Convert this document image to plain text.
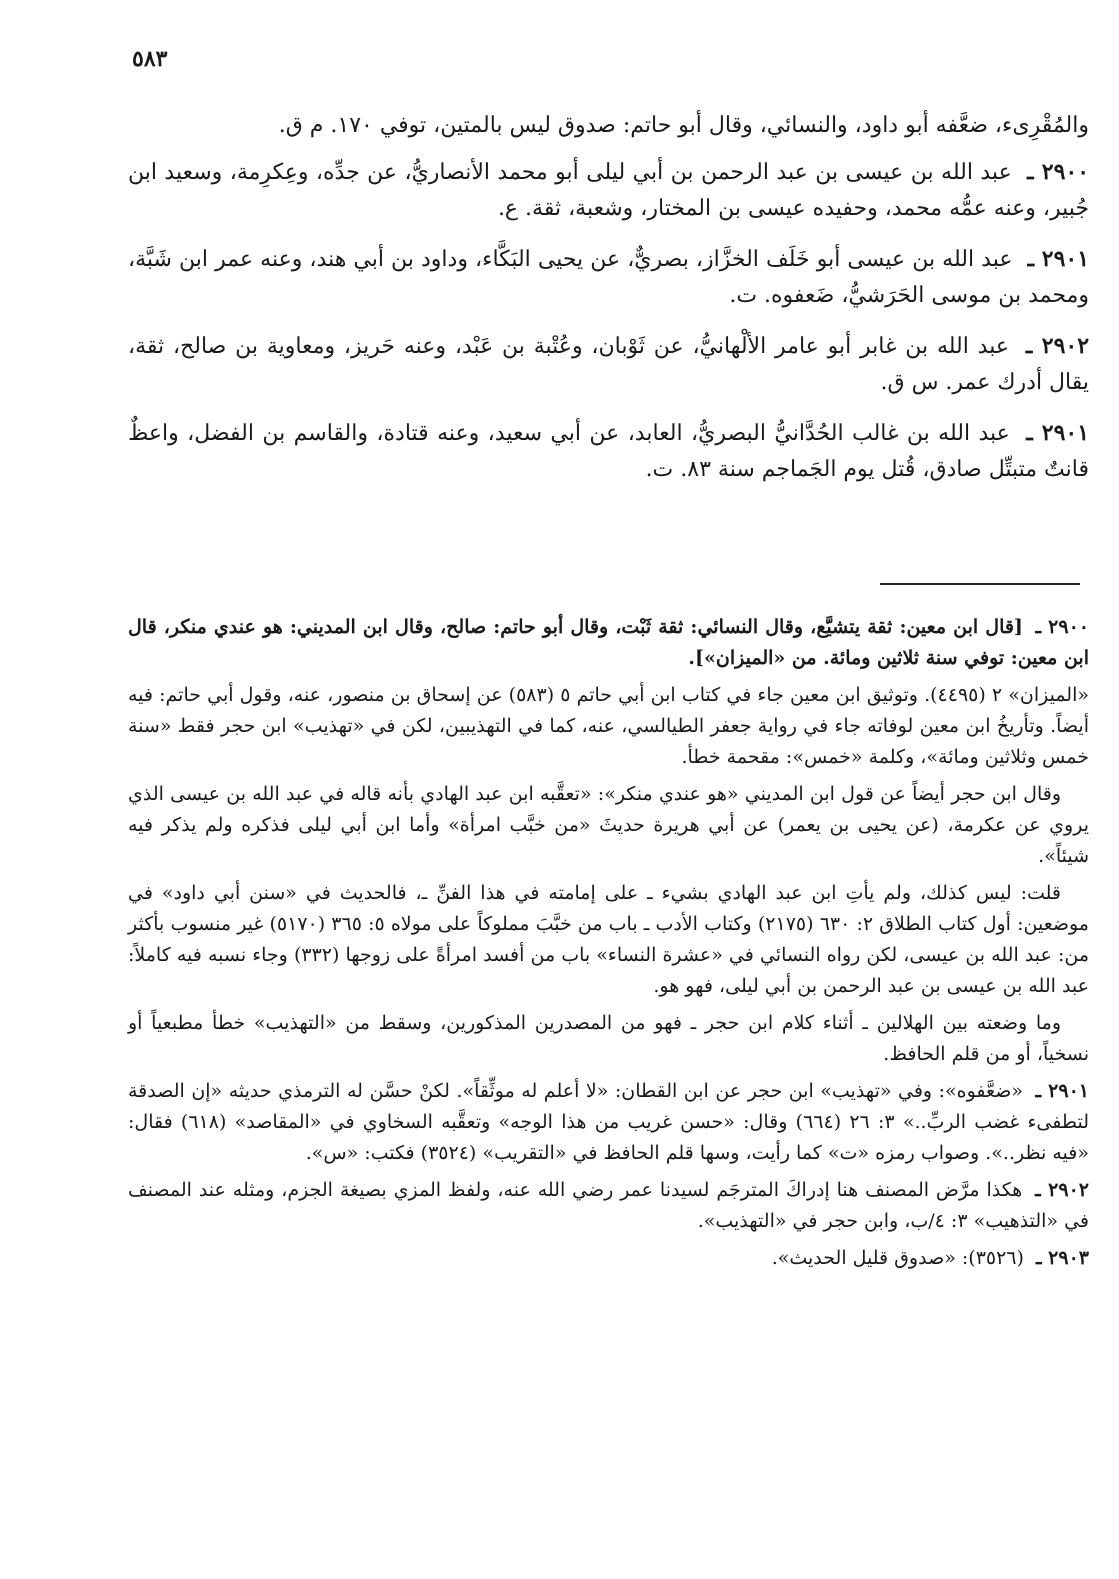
٥٨٣
والمُقْرِىء، ضعَّفه أبو داود، والنسائي، وقال أبو حاتم: صدوق ليس بالمتين، توفي ١٧٠. م ق.
٢٩٠٠ ـ عبد الله بن عيسى بن عبد الرحمن بن أبي ليلى أبو محمد الأنصاريُّ، عن جدِّه، وعِكرِمة، وسعيد ابن جُبير، وعنه عمُّه محمد، وحفيده عيسى بن المختار، وشعبة، ثقة. ع.
٢٩٠١ ـ عبد الله بن عيسى أبو خَلَف الخزَّاز، بصريٌّ، عن يحيى البَكَّاء، وداود بن أبي هند، وعنه عمر ابن شَبَّة، ومحمد بن موسى الحَرَشيُّ، ضَعفوه. ت.
٢٩٠٢ ـ عبد الله بن غابر أبو عامر الألْهانيُّ، عن ثَوْبان، وعُتْبة بن عَبْد، وعنه حَريز، ومعاوية بن صالح، ثقة، يقال أدرك عمر. س ق.
٢٩٠١ ـ عبد الله بن غالب الحُدَّانيُّ البصريُّ، العابد، عن أبي سعيد، وعنه قتادة، والقاسم بن الفضل، واعظٌ قانتٌ متبتِّل صادق، قُتل يوم الجَماجم سنة ٨٣. ت.
٢٩٠٠ ـ [قال ابن معين: ثقة يتشيَّع، وقال النسائي: ثقة ثَبْت، وقال أبو حاتم: صالح، وقال ابن المديني: هو عندي منكر، قال ابن معين: توفي سنة ثلاثين ومائة. من «الميزان»].
«الميزان» ٢ (٤٤٩٥). وتوثيق ابن معين جاء في كتاب ابن أبي حاتم ٥ (٥٨٣) عن إسحاق بن منصور، عنه، وقول أبي حاتم: فيه أيضاً. وتأريخُ ابن معين لوفاته جاء في رواية جعفر الطيالسي، عنه، كما في التهذيبين، لكن في «تهذيب» ابن حجر فقط «سنة خمس وثلاثين ومائة»، وكلمة «خمس»: مقحمة خطأ.
وقال ابن حجر أيضاً عن قول ابن المديني «هو عندي منكر»: «تعقَّبه ابن عبد الهادي بأنه قاله في عبد الله بن عيسى الذي يروي عن عكرمة، (عن يحيى بن يعمر) عن أبي هريرة حديثَ «من خبَّب امرأة» وأما ابن أبي ليلى فذكره ولم يذكر فيه شيئاً».
قلت: ليس كذلك، ولم يأتِ ابن عبد الهادي بشيء ـ على إمامته في هذا الفنِّ ـ، فالحديث في «سنن أبي داود» في موضعين: أول كتاب الطلاق ٢: ٦٣٠ (٢١٧٥) وكتاب الأدب ـ باب من خبَّبَ مملوكاً على مولاه ٥: ٣٦٥ (٥١٧٠) غير منسوب بأكثر من: عبد الله بن عيسى، لكن رواه النسائي في «عشرة النساء» باب من أفسد امرأةً على زوجها (٣٣٢) وجاء نسبه فيه كاملاً: عبد الله بن عيسى بن عبد الرحمن بن أبي ليلى، فهو هو.
وما وضعته بين الهلالين ـ أثناء كلام ابن حجر ـ فهو من المصدرين المذكورين، وسقط من «التهذيب» خطأ مطبعياً أو نسخياً، أو من قلم الحافظ.
٢٩٠١ ـ «ضعَّفوه»: وفي «تهذيب» ابن حجر عن ابن القطان: «لا أعلم له موثِّقاً». لكنْ حسَّن له الترمذي حديثه «إن الصدقة لتطفىء غضب الربِّ..» ٣: ٢٦ (٦٦٤) وقال: «حسن غريب من هذا الوجه» وتعقَّبه السخاوي في «المقاصد» (٦١٨) فقال: «فيه نظر..». وصواب رمزه «ت» كما رأيت، وسها قلم الحافظ في «التقريب» (٣٥٢٤) فكتب: «س».
٢٩٠٢ ـ هكذا مرَّض المصنف هنا إدراكَ المترجَم لسيدنا عمر رضي الله عنه، ولفظ المزي بصيغة الجزم، ومثله عند المصنف في «التذهيب» ٣: ٤/ب، وابن حجر في «التهذيب».
٢٩٠٣ ـ (٣٥٢٦): «صدوق قليل الحديث».
